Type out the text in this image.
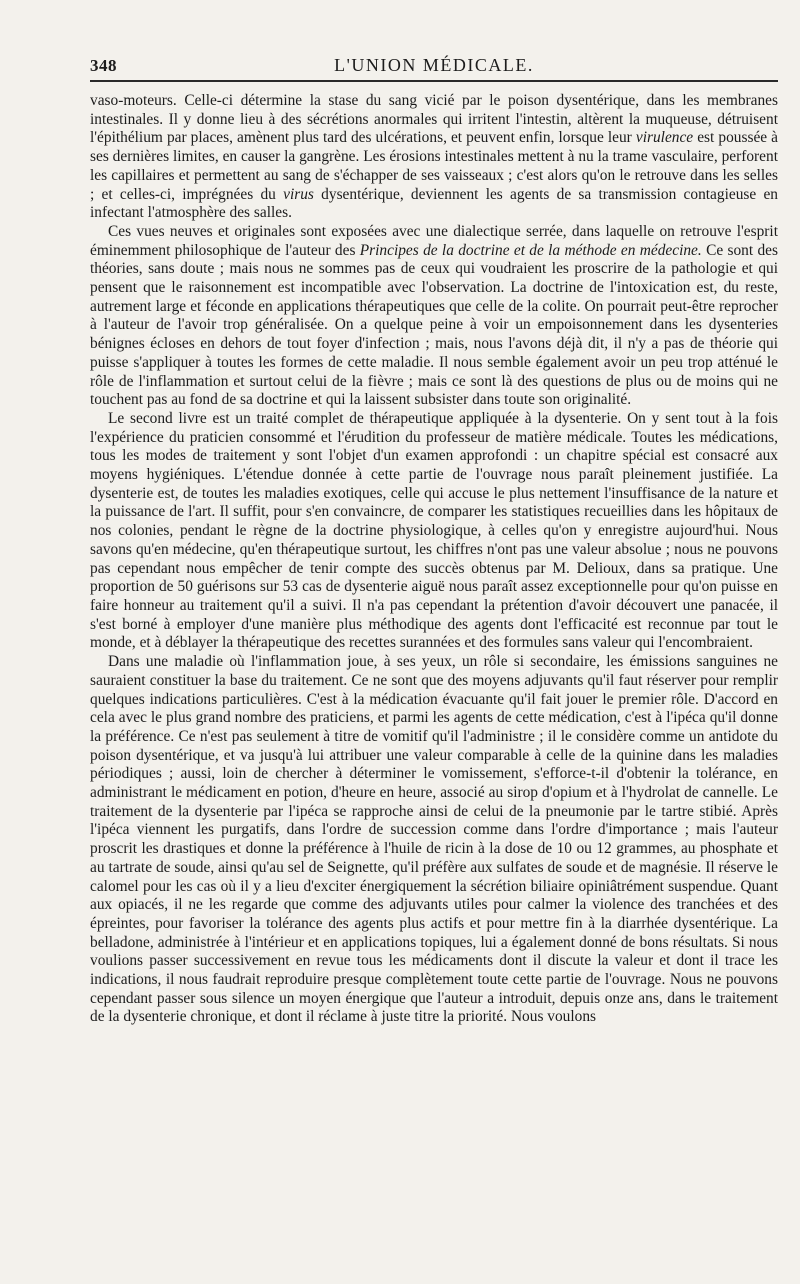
348	L'UNION MÉDICALE.

vaso-moteurs. Celle-ci détermine la stase du sang vicié par le poison dysentérique, dans les membranes intestinales. Il y donne lieu à des sécrétions anormales qui irritent l'intestin, altèrent la muqueuse, détruisent l'épithélium par places, amènent plus tard des ulcérations, et peuvent enfin, lorsque leur virulence est poussée à ses dernières limites, en causer la gangrène. Les érosions intestinales mettent à nu la trame vasculaire, perforent les capillaires et permettent au sang de s'échapper de ses vaisseaux ; c'est alors qu'on le retrouve dans les selles ; et celles-ci, imprégnées du virus dysentérique, deviennent les agents de sa transmission contagieuse en infectant l'atmosphère des salles.

Ces vues neuves et originales sont exposées avec une dialectique serrée, dans laquelle on retrouve l'esprit éminemment philosophique de l'auteur des Principes de la doctrine et de la méthode en médecine. Ce sont des théories, sans doute ; mais nous ne sommes pas de ceux qui voudraient les proscrire de la pathologie et qui pensent que le raisonnement est incompatible avec l'observation. La doctrine de l'intoxication est, du reste, autrement large et féconde en applications thérapeutiques que celle de la colite. On pourrait peut-être reprocher à l'auteur de l'avoir trop généralisée. On a quelque peine à voir un empoisonnement dans les dysenteries bénignes écloses en dehors de tout foyer d'infection ; mais, nous l'avons déjà dit, il n'y a pas de théorie qui puisse s'appliquer à toutes les formes de cette maladie. Il nous semble également avoir un peu trop atténué le rôle de l'inflammation et surtout celui de la fièvre ; mais ce sont là des questions de plus ou de moins qui ne touchent pas au fond de sa doctrine et qui la laissent subsister dans toute son originalité.

Le second livre est un traité complet de thérapeutique appliquée à la dysenterie. On y sent tout à la fois l'expérience du praticien consommé et l'érudition du professeur de matière médicale. Toutes les médications, tous les modes de traitement y sont l'objet d'un examen approfondi : un chapitre spécial est consacré aux moyens hygiéniques. L'étendue donnée à cette partie de l'ouvrage nous paraît pleinement justifiée. La dysenterie est, de toutes les maladies exotiques, celle qui accuse le plus nettement l'insuffisance de la nature et la puissance de l'art. Il suffit, pour s'en convaincre, de comparer les statistiques recueillies dans les hôpitaux de nos colonies, pendant le règne de la doctrine physiologique, à celles qu'on y enregistre aujourd'hui. Nous savons qu'en médecine, qu'en thérapeutique surtout, les chiffres n'ont pas une valeur absolue ; nous ne pouvons pas cependant nous empêcher de tenir compte des succès obtenus par M. Delioux, dans sa pratique. Une proportion de 50 guérisons sur 53 cas de dysenterie aiguë nous paraît assez exceptionnelle pour qu'on puisse en faire honneur au traitement qu'il a suivi. Il n'a pas cependant la prétention d'avoir découvert une panacée, il s'est borné à employer d'une manière plus méthodique des agents dont l'efficacité est reconnue par tout le monde, et à déblayer la thérapeutique des recettes surannées et des formules sans valeur qui l'encombraient.

Dans une maladie où l'inflammation joue, à ses yeux, un rôle si secondaire, les émissions sanguines ne sauraient constituer la base du traitement. Ce ne sont que des moyens adjuvants qu'il faut réserver pour remplir quelques indications particulières. C'est à la médication évacuante qu'il fait jouer le premier rôle. D'accord en cela avec le plus grand nombre des praticiens, et parmi les agents de cette médication, c'est à l'ipéca qu'il donne la préférence. Ce n'est pas seulement à titre de vomitif qu'il l'administre ; il le considère comme un antidote du poison dysentérique, et va jusqu'à lui attribuer une valeur comparable à celle de la quinine dans les maladies périodiques ; aussi, loin de chercher à déterminer le vomissement, s'efforce-t-il d'obtenir la tolérance, en administrant le médicament en potion, d'heure en heure, associé au sirop d'opium et à l'hydrolat de cannelle. Le traitement de la dysenterie par l'ipéca se rapproche ainsi de celui de la pneumonie par le tartre stibié. Après l'ipéca viennent les purgatifs, dans l'ordre de succession comme dans l'ordre d'importance ; mais l'auteur proscrit les drastiques et donne la préférence à l'huile de ricin à la dose de 10 ou 12 grammes, au phosphate et au tartrate de soude, ainsi qu'au sel de Seignette, qu'il préfère aux sulfates de soude et de magnésie. Il réserve le calomel pour les cas où il y a lieu d'exciter énergiquement la sécrétion biliaire opiniâtrément suspendue. Quant aux opiacés, il ne les regarde que comme des adjuvants utiles pour calmer la violence des tranchées et des épreintes, pour favoriser la tolérance des agents plus actifs et pour mettre fin à la diarrhée dysentérique. La belladone, administrée à l'intérieur et en applications topiques, lui a également donné de bons résultats. Si nous voulions passer successivement en revue tous les médicaments dont il discute la valeur et dont il trace les indications, il nous faudrait reproduire presque complètement toute cette partie de l'ouvrage. Nous ne pouvons cependant passer sous silence un moyen énergique que l'auteur a introduit, depuis onze ans, dans le traitement de la dysenterie chronique, et dont il réclame à juste titre la priorité. Nous voulons
